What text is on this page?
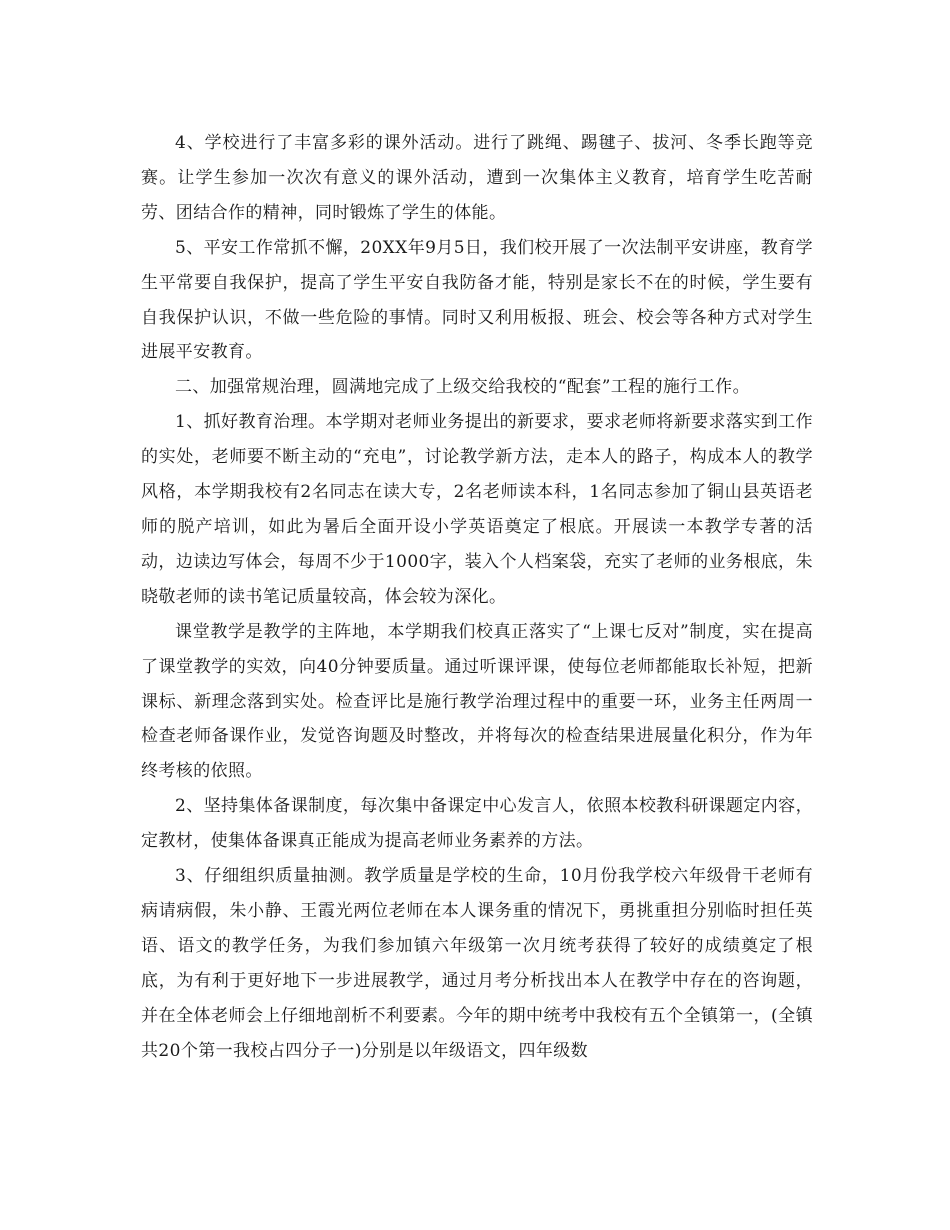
4、学校进行了丰富多彩的课外活动。进行了跳绳、踢毽子、拔河、冬季长跑等竞赛。让学生参加一次次有意义的课外活动，遭到一次集体主义教育，培育学生吃苦耐劳、团结合作的精神，同时锻炼了学生的体能。

5、平安工作常抓不懈，20XX年9月5日，我们校开展了一次法制平安讲座，教育学生平常要自我保护，提高了学生平安自我防备才能，特别是家长不在的时候，学生要有自我保护认识，不做一些危险的事情。同时又利用板报、班会、校会等各种方式对学生进展平安教育。

二、加强常规治理，圆满地完成了上级交给我校的“配套”工程的施行工作。

1、抓好教育治理。本学期对老师业务提出的新要求，要求老师将新要求落实到工作的实处，老师要不断主动的“充电”，讨论教学新方法，走本人的路子，构成本人的教学风格，本学期我校有2名同志在读大专，2名老师读本科，1名同志参加了铜山县英语老师的脱产培训，如此为暑后全面开设小学英语奠定了根底。开展读一本教学专著的活动，边读边写体会，每周不少于1000字，装入个人档案袋，充实了老师的业务根底，朱晓敬老师的读书笔记质量较高，体会较为深化。

课堂教学是教学的主阵地，本学期我们校真正落实了“上课七反对”制度，实在提高了课堂教学的实效，向40分钟要质量。通过听课评课，使每位老师都能取长补短，把新课标、新理念落到实处。检查评比是施行教学治理过程中的重要一环，业务主任两周一检查老师备课作业，发觉咨询题及时整改，并将每次的检查结果进展量化积分，作为年终考核的依照。

2、坚持集体备课制度，每次集中备课定中心发言人，依照本校教科研课题定内容，定教材，使集体备课真正能成为提高老师业务素养的方法。

3、仔细组织质量抽测。教学质量是学校的生命，10月份我学校六年级骨干老师有病请病假，朱小静、王霞光两位老师在本人课务重的情况下，勇挑重担分别临时担任英语、语文的教学任务，为我们参加镇六年级第一次月统考获得了较好的成绩奠定了根底，为有利于更好地下一步进展教学，通过月考分析找出本人在教学中存在的咨询题，并在全体老师会上仔细地剖析不利要素。今年的期中统考中我校有五个全镇第一，(全镇共20个第一我校占四分子一)分别是以年级语文，四年级数
